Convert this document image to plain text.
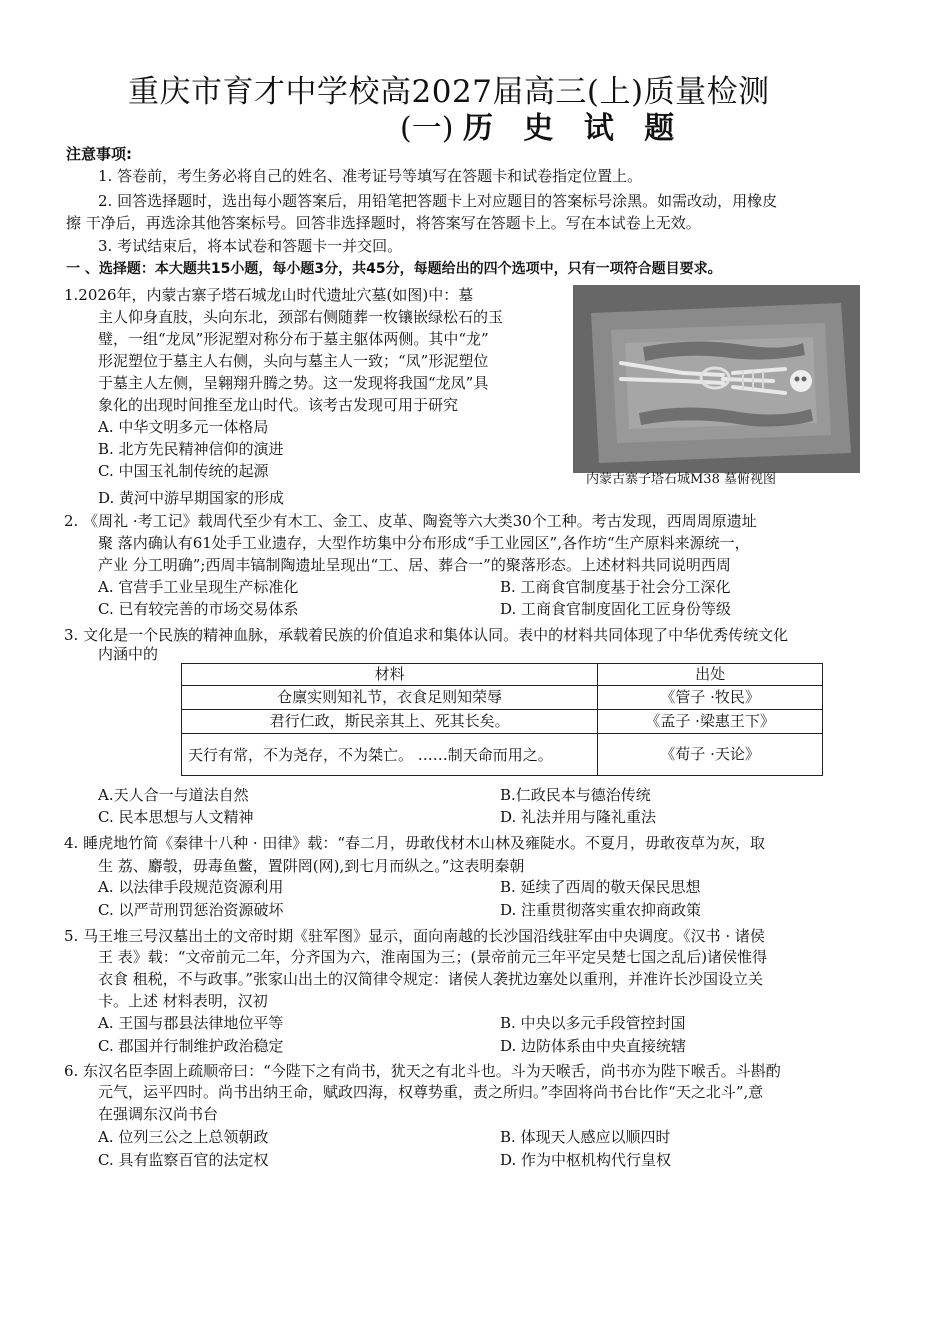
重庆市育才中学校高2027届高三(上)质量检测
(一) 历 史 试 题
注意事项:
1. 答卷前，考生务必将自己的姓名、准考证号等填写在答题卡和试卷指定位置上。
2. 回答选择题时，选出每小题答案后，用铅笔把答题卡上对应题目的答案标号涂黑。如需改动，用橡皮
擦 干净后，再选涂其他答案标号。回答非选择题时，将答案写在答题卡上。写在本试卷上无效。
3. 考试结束后，将本试卷和答题卡一并交回。
一 、选择题：本大题共15小题，每小题3分，共45分，每题给出的四个选项中，只有一项符合题目要求。
1.2026年，内蒙古寨子塔石城龙山时代遗址穴墓(如图)中：墓
主人仰身直肢，头向东北，颈部右侧随葬一枚镶嵌绿松石的玉
璧，一组“龙凤”形泥塑对称分布于墓主躯体两侧。其中“龙”
形泥塑位于墓主人右侧，头向与墓主人一致；“凤”形泥塑位
于墓主人左侧，呈翱翔升腾之势。这一发现将我国“龙凤”具
象化的出现时间推至龙山时代。该考古发现可用于研究
A. 中华文明多元一体格局
B. 北方先民精神信仰的演进
C. 中国玉礼制传统的起源
D. 黄河中游早期国家的形成
内蒙古寨子塔石城M38 墓俯视图
2. 《周礼 ·考工记》载周代至少有木工、金工、皮革、陶瓷等六大类30个工种。考古发现，西周周原遗址
聚 落内确认有61处手工业遗存，大型作坊集中分布形成“手工业园区”,各作坊“生产原料来源统一，
产业 分工明确”;西周丰镐制陶遗址呈现出“工、居、葬合一”的聚落形态。上述材料共同说明西周
A. 官营手工业呈现生产标准化	B. 工商食官制度基于社会分工深化
C. 已有较完善的市场交易体系	D. 工商食官制度固化工匠身份等级
3. 文化是一个民族的精神血脉，承载着民族的价值追求和集体认同。表中的材料共同体现了中华优秀传统文化
内涵中的
材料	出处
仓廪实则知礼节，衣食足则知荣辱	《管子 ·牧民》
君行仁政，斯民亲其上、死其长矣。	《孟子 ·梁惠王下》
天行有常，不为尧存，不为桀亡。 ……制天命而用之。	《荀子 ·天论》
A.天人合一与道法自然	B.仁政民本与德治传统
C. 民本思想与人文精神	D. 礼法并用与隆礼重法
4. 睡虎地竹简《秦律十八种 · 田律》载：“春二月，毋敢伐材木山林及雍陡水。不夏月，毋敢夜草为灰，取
生 荔、麝彀，毋毒鱼鳖，置阱罔(网),到七月而纵之。”这表明秦朝
A. 以法律手段规范资源利用	B. 延续了西周的敬天保民思想
C. 以严苛刑罚惩治资源破坏	D. 注重贯彻落实重农抑商政策
5. 马王堆三号汉墓出土的文帝时期《驻军图》显示，面向南越的长沙国沿线驻军由中央调度。《汉书 · 诸侯
王 表》载：“文帝前元二年，分齐国为六，淮南国为三；(景帝前元三年平定吴楚七国之乱后)诸侯惟得
衣食 租税，不与政事。”张家山出土的汉简律令规定：诸侯人袭扰边塞处以重刑，并准许长沙国设立关
卡。上述 材料表明，汉初
A. 王国与郡县法律地位平等	B. 中央以多元手段管控封国
C. 郡国并行制维护政治稳定	D. 边防体系由中央直接统辖
6. 东汉名臣李固上疏顺帝曰：“今陛下之有尚书，犹天之有北斗也。斗为天喉舌，尚书亦为陛下喉舌。斗斟酌
元气，运平四时。尚书出纳王命，赋政四海，权尊势重，责之所归。”李固将尚书台比作“天之北斗”,意
在强调东汉尚书台
A. 位列三公之上总领朝政	B. 体现天人感应以顺四时
C. 具有监察百官的法定权	D. 作为中枢机构代行皇权
